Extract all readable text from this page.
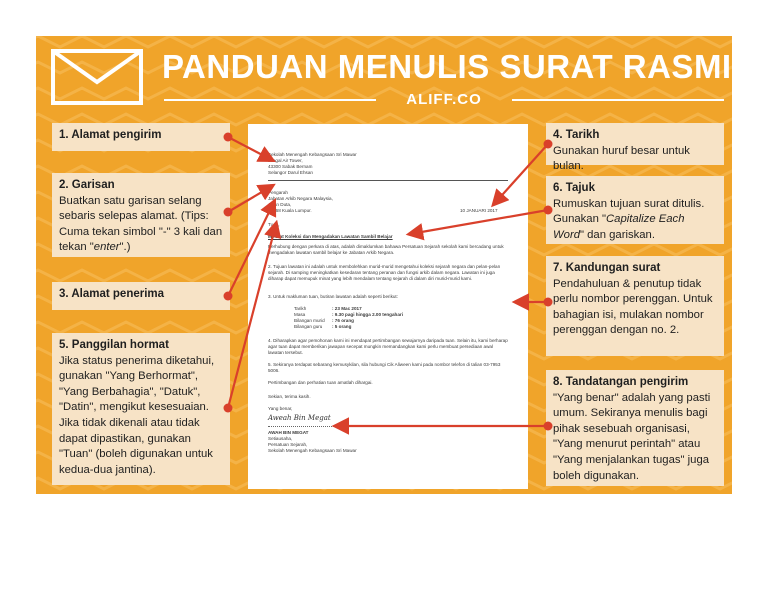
PANDUAN MENULIS SURAT RASMI
ALIFF.CO
1. Alamat pengirim
2. Garisan
Buatkan satu garisan selang sebaris selepas alamat. (Tips: Cuma tekan simbol "-" 3 kali dan tekan "enter".)
3. Alamat penerima
5. Panggilan hormat
Jika status penerima diketahui, gunakan "Yang Berhormat", "Yang Berbahagia", "Datuk", "Datin", mengikut kesesuaian. Jika tidak dikenali atau tidak dapat dipastikan, gunakan "Tuan" (boleh digunakan untuk kedua-dua jantina).
4. Tarikh
Gunakan huruf besar untuk bulan.
6. Tajuk
Rumuskan tujuan surat ditulis. Gunakan "Capitalize Each Word" dan gariskan.
7. Kandungan surat
Pendahuluan & penutup tidak perlu nombor perenggan. Untuk bahagian isi, mulakan nombor perenggan dengan no. 2.
8. Tandatangan pengirim
"Yang benar" adalah yang pasti umum. Sekiranya menulis bagi pihak sesebuah organisasi, "Yang menurut perintah" atau "Yang menjalankan tugas" juga boleh digunakan.
Sekolah Menengah Kebangsaan Sri Mawar
Jangal Air Tower,
43300 Sabak Bernam
Selangor Darul Ehsan
Pengarah
Jabatan Arkib Negara Malaysia,
Jalan Duta,
50568 Kuala Lumpur.	10 JANUARI 2017
Tuan,
Melihat Koleksi dan Mengadakan Lawatan Sambil Belajar
Berhubung dengan perkara di atas, adalah dimaklumkan bahawa Persatuan Sejarah sekolah kami bercadang untuk mengadakan lawatan sambil belajar ke Jabatan Arkib Negara.
2. Tujuan lawatan ini adalah untuk membolehkan murid-murid mengetahui koleksi sejarah negara dan pelan-pelan sejarah. Di samping meningkatkan kesedaran tentang peranan dan fungsi arkib dalam negara. Lawatan ini juga diharap dapat memupuk minat yang lebih mendalam tentang sejarah di dalam diri murid-murid kami.
3. Untuk makluman tuan, butiran lawatan adalah seperti berikut:
Tarikh	: 23 Mac 2017
Masa	: 9.30 pagi hingga 2.00 tengahari
Bilangan murid : 76 orang
Bilangan guru : 5 orang
4. Diharapkan agar pemohonan kami ini mendapat pertimbangan sewajarnya daripada tuan. Selain itu, kami berharap agar tuan dapat memberikan jawapan secepat mungkin memandangkan kami perlu membuat persediaan awal lawatan tersebut.
5. Sekiranya terdapat sebarang kemusykilan, sila hubungi Cik Aliween kami pada nombor telefon di talian 03-7953 5006.
Pertimbangan dan perhatian tuan amatlah dihargai.
Sekian, terima kasih.
Yang benar,
Aweah Bin Megat
AWAH BIN MEGAT
Setiausaha,
Persatuan Sejarah,
Sekolah Menengah Kebangsaan Sri Mawar
